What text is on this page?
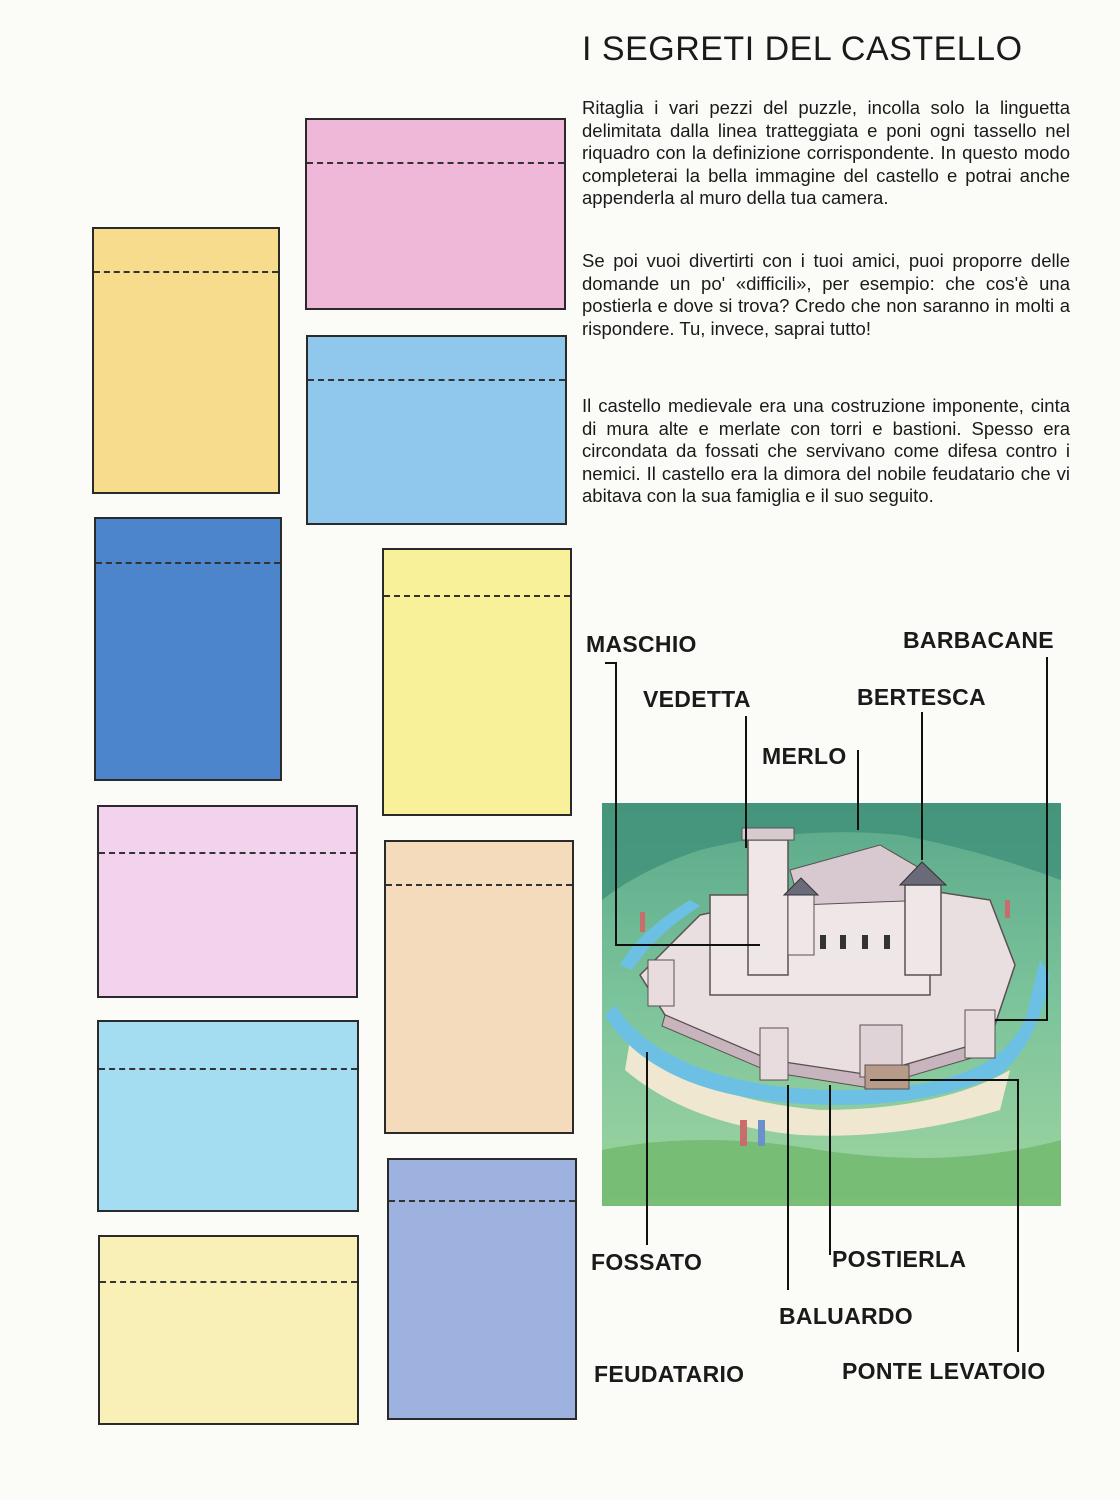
I SEGRETI DEL CASTELLO

Ritaglia i vari pezzi del puzzle, incolla solo la linguetta delimitata dalla linea tratteggiata e poni ogni tassello nel riquadro con la definizione corrispondente. In questo modo completerai la bella immagine del castello e potrai anche appenderla al muro della tua camera.

Se poi vuoi divertirti con i tuoi amici, puoi proporre delle domande un po' «difficili», per esempio: che cos'è una postierla e dove si trova? Credo che non saranno in molti a rispondere. Tu, invece, saprai tutto!

Il castello medievale era una costruzione imponente, cinta di mura alte e merlate con torri e bastioni. Spesso era circondata da fossati che servivano come difesa contro i nemici. Il castello era la dimora del nobile feudatario che vi abitava con la sua famiglia e il suo seguito.

MASCHIO	BARBACANE
VEDETTA	BERTESCA
MERLO
FOSSATO	POSTIERLA
BALUARDO
FEUDATARIO	PONTE LEVATOIO
